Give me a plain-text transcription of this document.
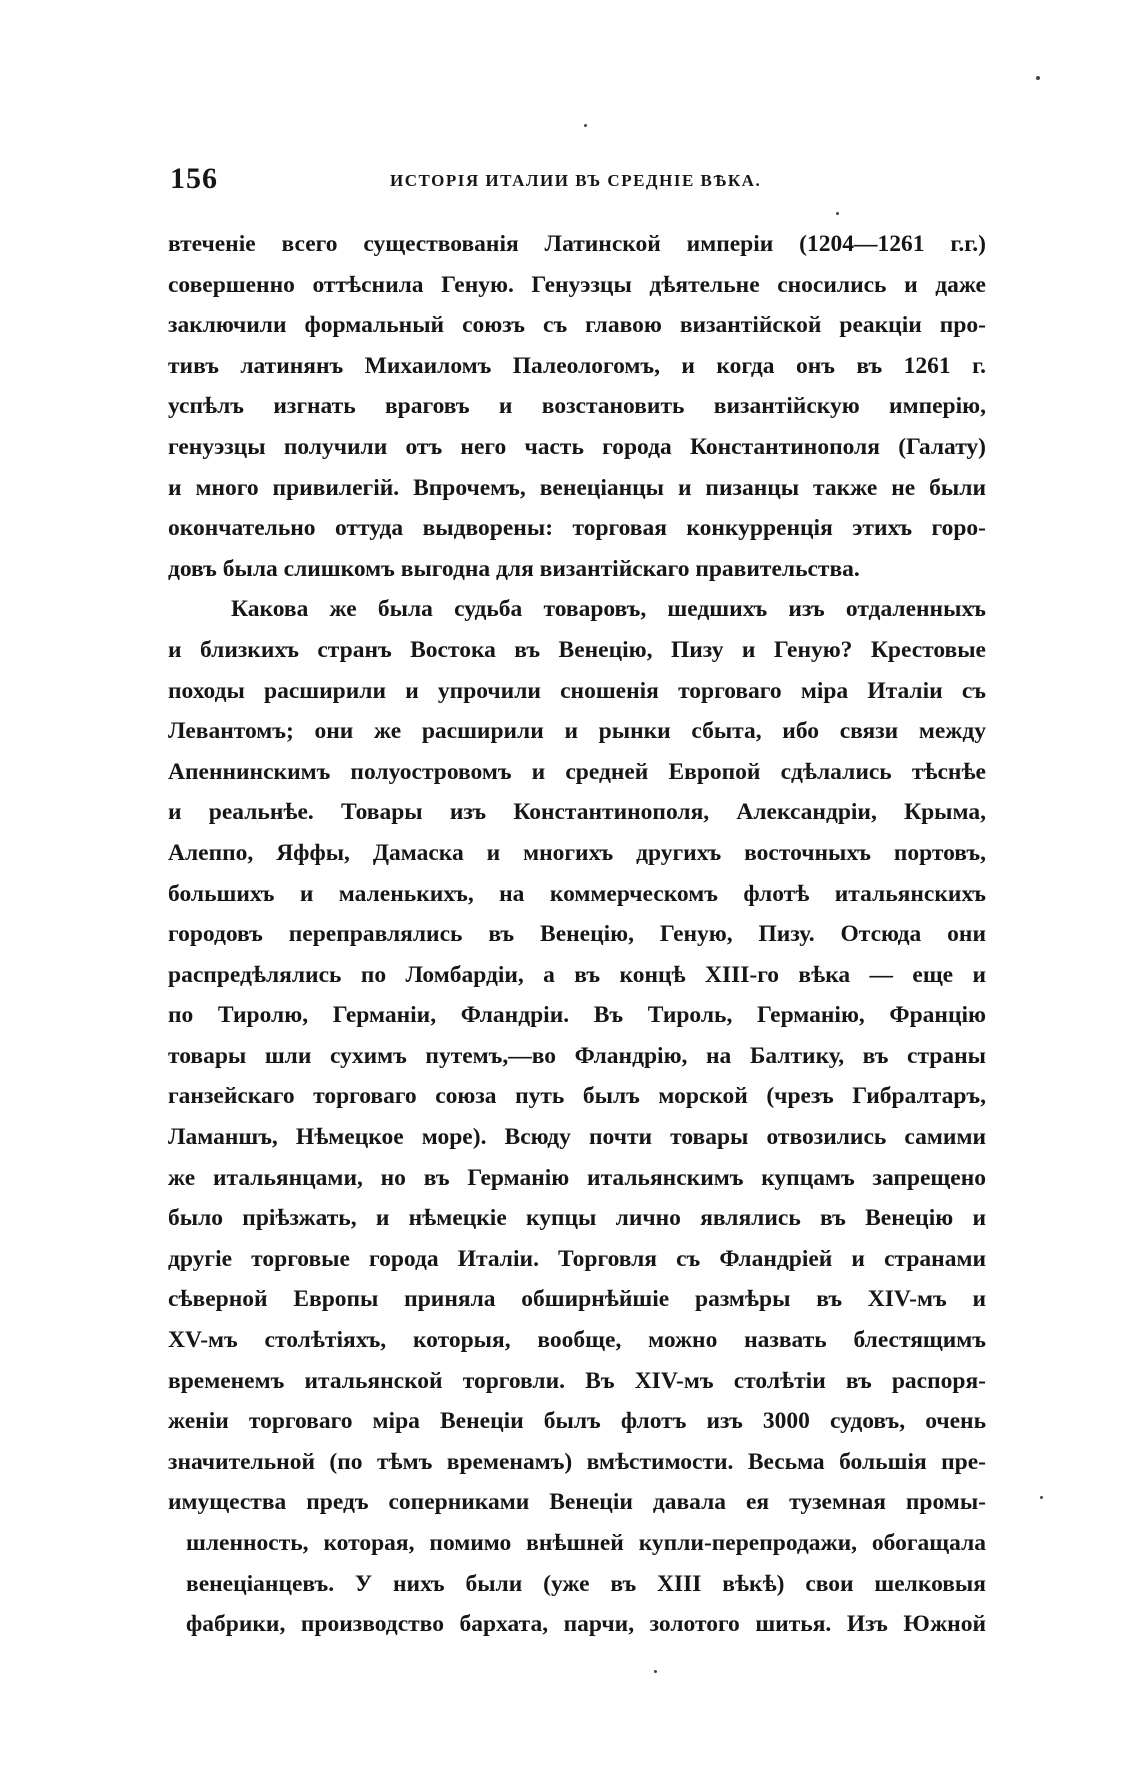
156	ИСТОРІЯ ИТАЛИИ ВЪ СРЕДНІЕ ВѢКА.
втеченіе всего существованія Латинской имперіи (1204—1261 г.г.)
совершенно оттѣснила Геную. Генуэзцы дѣятельне сносились и даже
заключили формальный союзъ съ главою византійской реакціи про-
тивъ латинянъ Михаиломъ Палеологомъ, и когда онъ въ 1261 г.
успѣлъ изгнать враговъ и возстановить византійскую имперію,
генуэзцы получили отъ него часть города Константинополя (Галату)
и много привилегій. Впрочемъ, венеціанцы и пизанцы также не были
окончательно оттуда выдворены: торговая конкурренція этихъ горо-
довъ была слишкомъ выгодна для византійскаго правительства.
Какова же была судьба товаровъ, шедшихъ изъ отдаленныхъ
и близкихъ странъ Востока въ Венецію, Пизу и Геную? Крестовые
походы расширили и упрочили сношенія торговаго міра Италіи съ
Левантомъ; они же расширили и рынки сбыта, ибо связи между
Апеннинскимъ полуостровомъ и средней Европой сдѣлались тѣснѣе
и реальнѣе. Товары изъ Константинополя, Александріи, Крыма,
Алеппо, Яффы, Дамаска и многихъ другихъ восточныхъ портовъ,
большихъ и маленькихъ, на коммерческомъ флотѣ итальянскихъ
городовъ переправлялись въ Венецію, Геную, Пизу. Отсюда они
распредѣлялись по Ломбардіи, а въ концѣ XIII-го вѣка — еще и
по Тиролю, Германіи, Фландріи. Въ Тироль, Германію, Францію
товары шли сухимъ путемъ,—во Фландрію, на Балтику, въ страны
ганзейскаго торговаго союза путь былъ морской (чрезъ Гибралтаръ,
Ламаншъ, Нѣмецкое море). Всюду почти товары отвозились самими
же итальянцами, но въ Германію итальянскимъ купцамъ запрещено
было пріѣзжать, и нѣмецкіе купцы лично являлись въ Венецію и
другіе торговые города Италіи. Торговля съ Фландріей и странами
сѣверной Европы приняла обширнѣйшіе размѣры въ XIV-мъ и
XV-мъ столѣтіяхъ, которыя, вообще, можно назвать блестящимъ
временемъ итальянской торговли. Въ XIV-мъ столѣтіи въ распоря-
женіи торговаго міра Венеціи былъ флотъ изъ 3000 судовъ, очень
значительной (по тѣмъ временамъ) вмѣстимости. Весьма большія пре-
имущества предъ соперниками Венеціи давала ея туземная промы-
шленность, которая, помимо внѣшней купли-перепродажи, обогащала
венеціанцевъ. У нихъ были (уже въ XIII вѣкѣ) свои шелковыя
фабрики, производство бархата, парчи, золотого шитья. Изъ Южной
